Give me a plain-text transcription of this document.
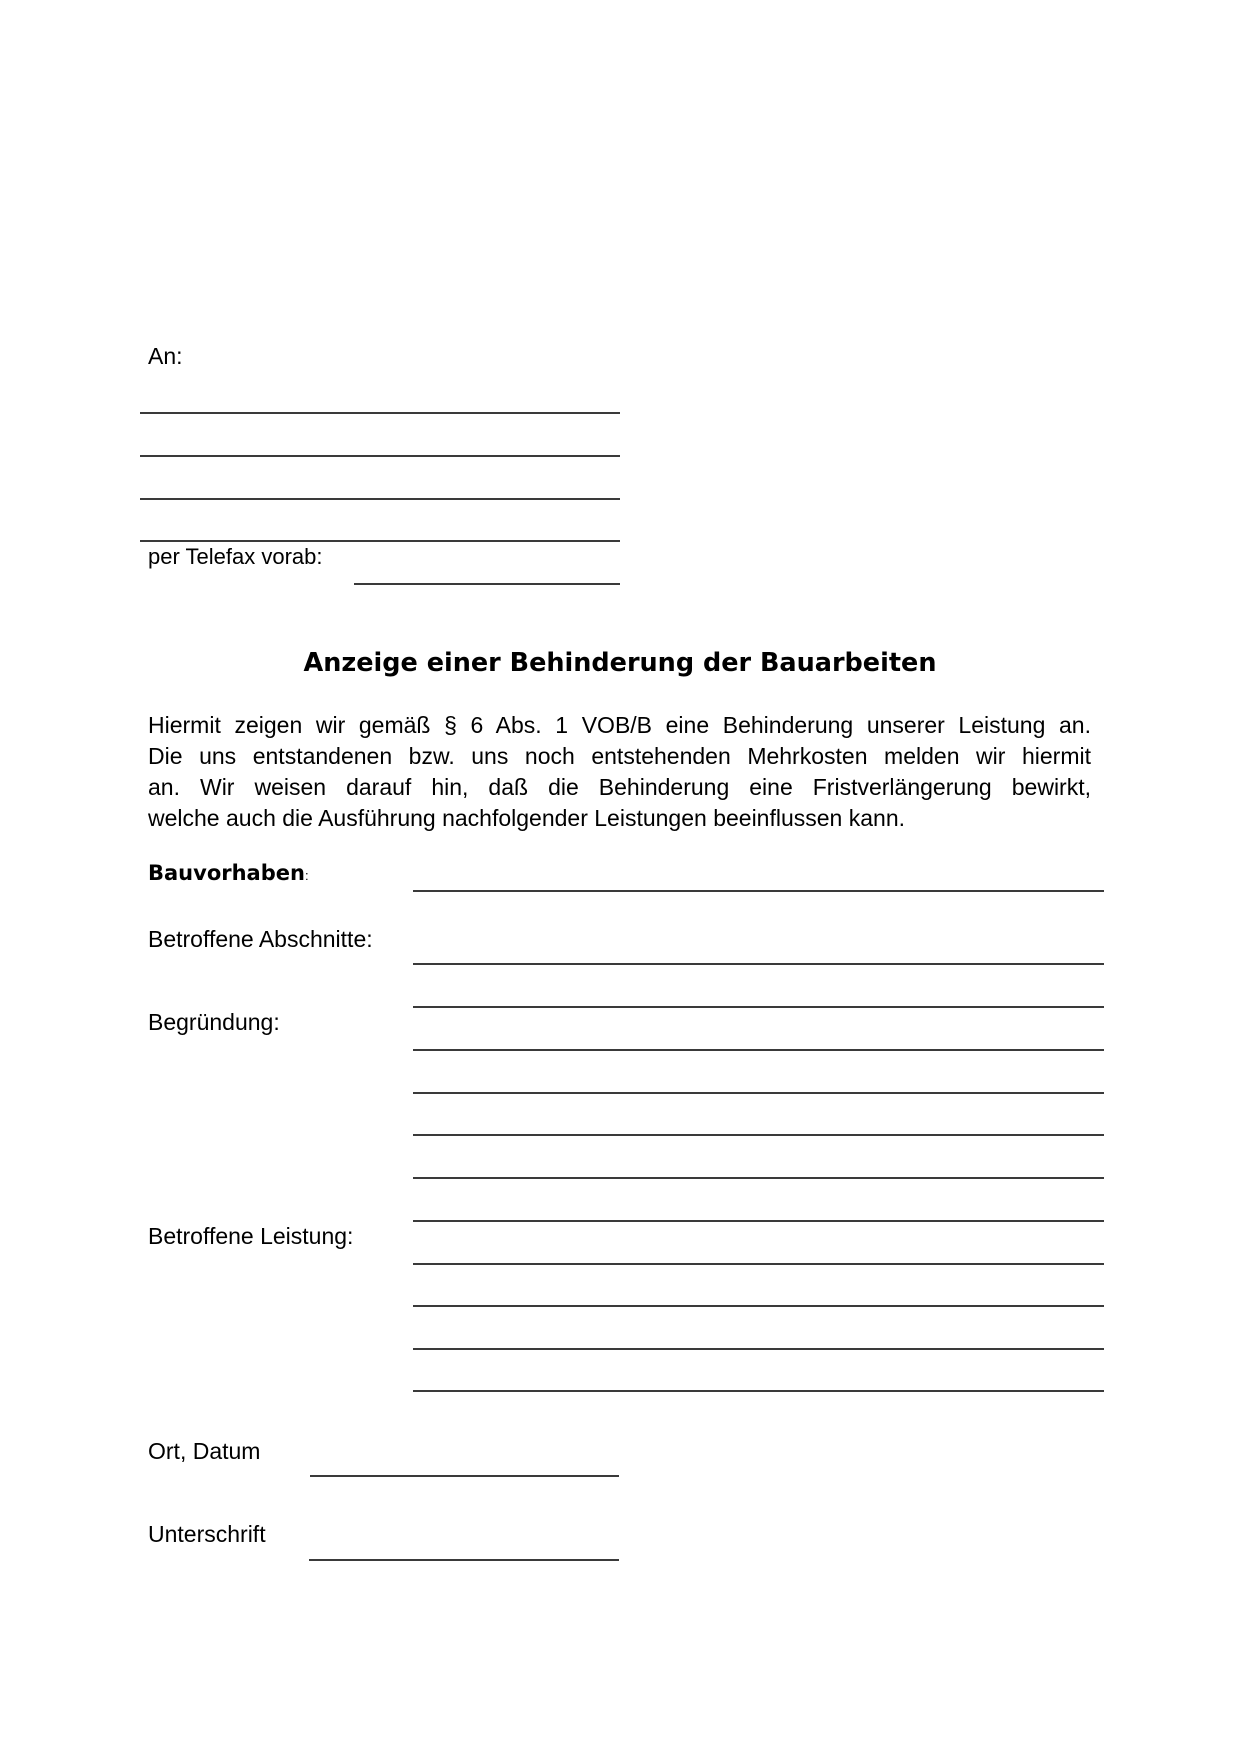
An:
per Telefax vorab:
Anzeige einer Behinderung der Bauarbeiten
Hiermit zeigen wir gemäß § 6 Abs. 1 VOB/B eine Behinderung unserer Leistung an.
Die uns entstandenen bzw. uns noch entstehenden Mehrkosten melden wir hiermit
an. Wir weisen darauf hin, daß die Behinderung eine Fristverlängerung bewirkt,
welche auch die Ausführung nachfolgender Leistungen beeinflussen kann.
Bauvorhaben:
Betroffene Abschnitte:
Begründung:
Betroffene Leistung:
Ort, Datum
Unterschrift
